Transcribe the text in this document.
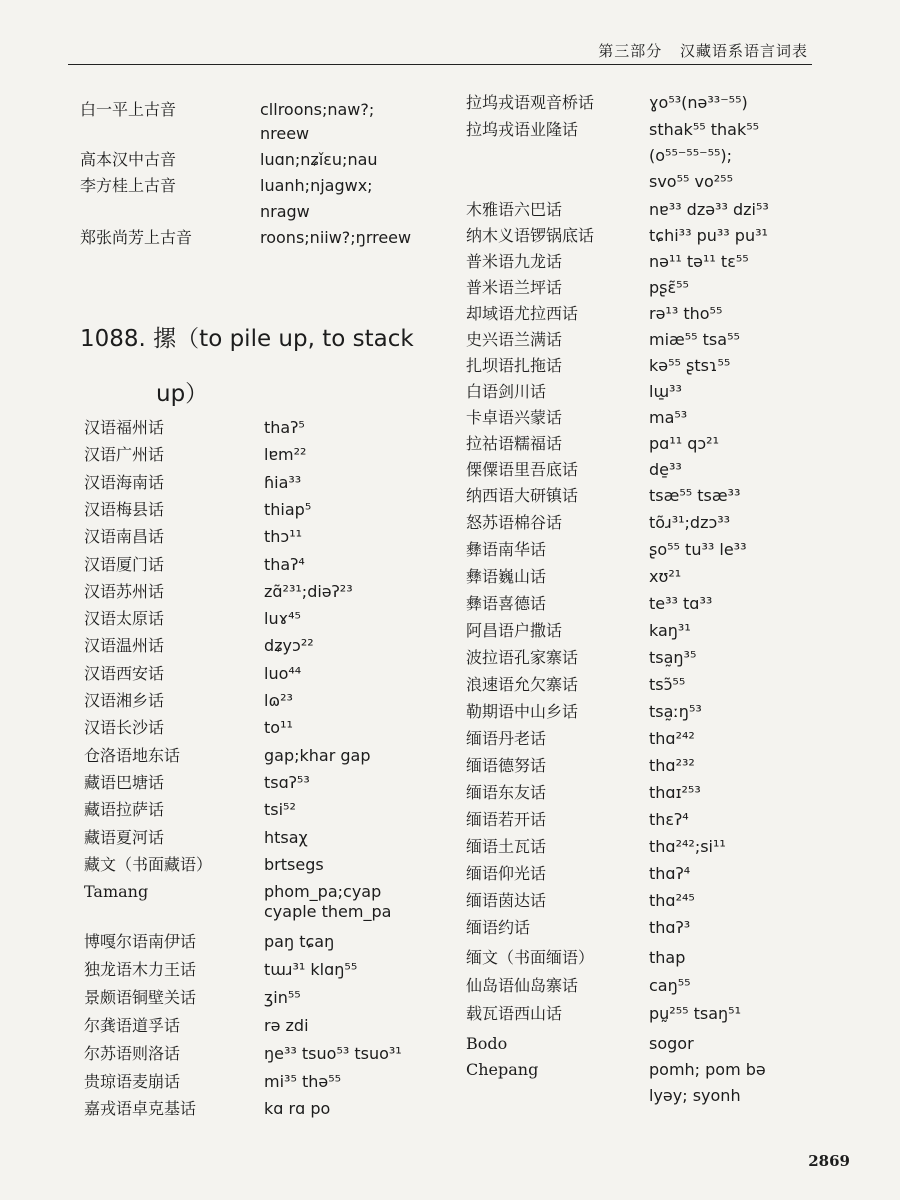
第三部分 汉藏语系语言词表
1088. 摞（to pile up, to stack
up）
白一平上古音	cllroons;naw?;
nreew
高本汉中古音	luɑn;nʑǐɛu;nau
李方桂上古音	luanh;njagwx;
nragw
郑张尚芳上古音	roons;niiw?;ŋrreew
汉语福州话	thaʔ⁵
汉语广州话	lɐm²²
汉语海南话	ɦia³³
汉语梅县话	thiap⁵
汉语南昌话	thɔ¹¹
汉语厦门话	thaʔ⁴
汉语苏州话	zɑ̃²³¹;diəʔ²³
汉语太原话	luɤ⁴⁵
汉语温州话	dʑyɔ²²
汉语西安话	luo⁴⁴
汉语湘乡话	lɷ²³
汉语长沙话	to¹¹
仓洛语地东话	gap;khar gap
藏语巴塘话	tsɑʔ⁵³
藏语拉萨话	tsi⁵²
藏语夏河话	htsaχ
藏文（书面藏语）	brtsegs
Tamang	phom_pa;cyap
cyaple them_pa
博嘎尔语南伊话	paŋ tɕaŋ
独龙语木力王话	tɯɹ³¹ klɑŋ⁵⁵
景颇语铜壁关话	ʒin⁵⁵
尔龚语道孚话	rə zdi
尔苏语则洛话	ŋe³³ tsuo⁵³ tsuo³¹
贵琼语麦崩话	mi³⁵ thə⁵⁵
嘉戎语卓克基话	kɑ rɑ po
拉坞戎语观音桥话	ɣo⁵³(nə³³⁻⁵⁵)
拉坞戎语业隆话	sthak⁵⁵ thak⁵⁵
(o⁵⁵⁻⁵⁵⁻⁵⁵);
svo⁵⁵ vo²⁵⁵
木雅语六巴话	nɐ³³ dzə³³ dzi⁵³
纳木义语锣锅底话	tɕhi³³ pu³³ pu³¹
普米语九龙话	nə¹¹ tə¹¹ tɛ⁵⁵
普米语兰坪话	pʂɛ̃⁵⁵
却域语尤拉西话	rə¹³ tho⁵⁵
史兴语兰满话	miæ⁵⁵ tsa⁵⁵
扎坝语扎拖话	kə⁵⁵ ʂtsɿ⁵⁵
白语剑川话	lɯ̱³³
卡卓语兴蒙话	ma⁵³
拉祜语糯福话	pɑ¹¹ qɔ²¹
傈僳语里吾底话	de̱³³
纳西语大研镇话	tsæ⁵⁵ tsæ³³
怒苏语棉谷话	tõɹ³¹;dzɔ³³
彝语南华话	ʂo⁵⁵ tu³³ le³³
彝语巍山话	xʊ²¹
彝语喜德话	te³³ tɑ³³
阿昌语户撒话	kaŋ³¹
波拉语孔家寨话	tsa̰ŋ³⁵
浪速语允欠寨话	tsɔ̃⁵⁵
勒期语中山乡话	tsa̰ːŋ⁵³
缅语丹老话	thɑ²⁴²
缅语德努话	thɑ²³²
缅语东友话	thɑɪ²⁵³
缅语若开话	thɛʔ⁴
缅语土瓦话	thɑ²⁴²;si¹¹
缅语仰光话	thɑʔ⁴
缅语茵达话	thɑ²⁴⁵
缅语约话	thɑʔ³
缅文（书面缅语）	thap
仙岛语仙岛寨话	caŋ⁵⁵
载瓦语西山话	pṵ²⁵⁵ tsaŋ⁵¹
Bodo	sogor
Chepang	pomh; pom bə
lyəy; syonh
2869
